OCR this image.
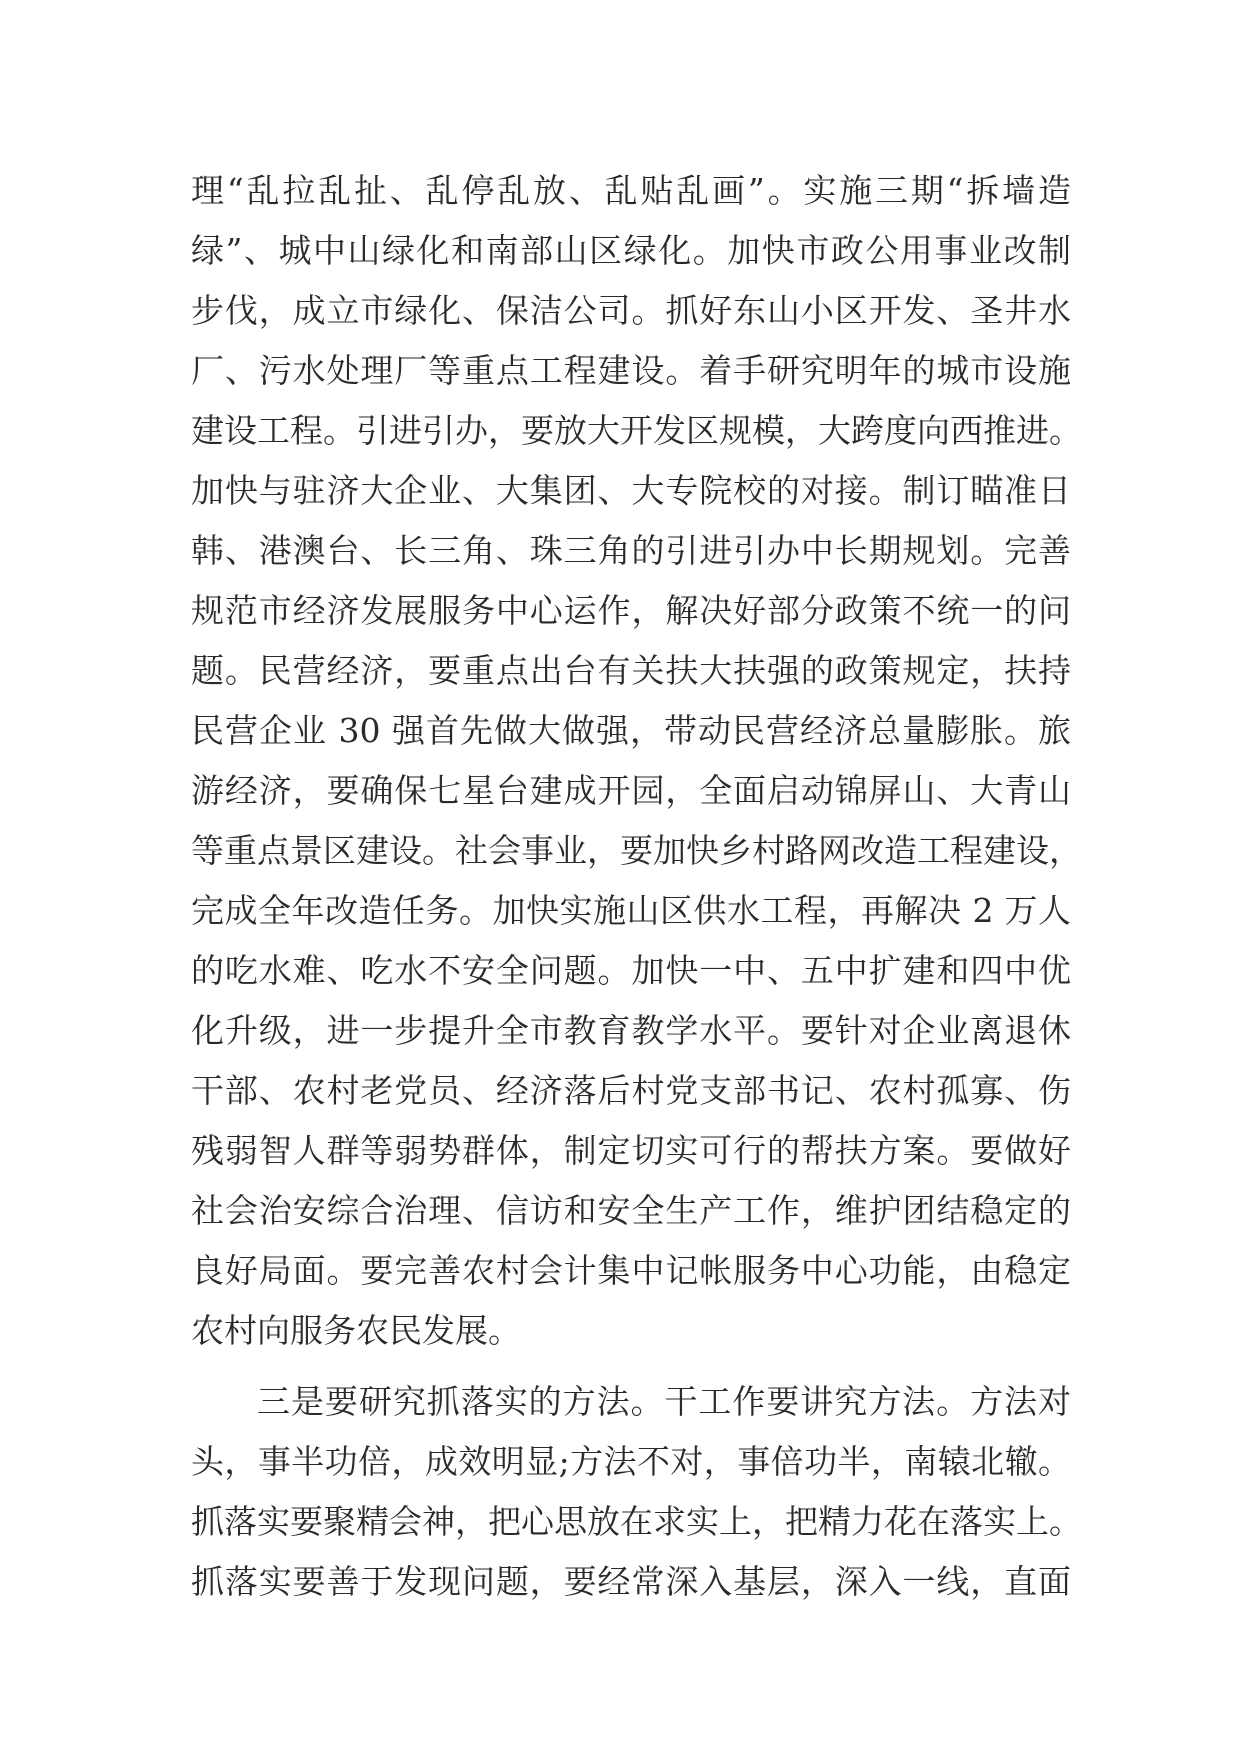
理“乱拉乱扯、乱停乱放、乱贴乱画”。实施三期“拆墙造
绿”、城中山绿化和南部山区绿化。加快市政公用事业改制
步伐，成立市绿化、保洁公司。抓好东山小区开发、圣井水
厂、污水处理厂等重点工程建设。着手研究明年的城市设施
建设工程。引进引办，要放大开发区规模，大跨度向西推进。
加快与驻济大企业、大集团、大专院校的对接。制订瞄准日
韩、港澳台、长三角、珠三角的引进引办中长期规划。完善
规范市经济发展服务中心运作，解决好部分政策不统一的问
题。民营经济，要重点出台有关扶大扶强的政策规定，扶持
民营企业 30 强首先做大做强，带动民营经济总量膨胀。旅
游经济，要确保七星台建成开园，全面启动锦屏山、大青山
等重点景区建设。社会事业，要加快乡村路网改造工程建设，
完成全年改造任务。加快实施山区供水工程，再解决 2 万人
的吃水难、吃水不安全问题。加快一中、五中扩建和四中优
化升级，进一步提升全市教育教学水平。要针对企业离退休
干部、农村老党员、经济落后村党支部书记、农村孤寡、伤
残弱智人群等弱势群体，制定切实可行的帮扶方案。要做好
社会治安综合治理、信访和安全生产工作，维护团结稳定的
良好局面。要完善农村会计集中记帐服务中心功能，由稳定
农村向服务农民发展。
三是要研究抓落实的方法。干工作要讲究方法。方法对
头，事半功倍，成效明显;方法不对，事倍功半，南辕北辙。
抓落实要聚精会神，把心思放在求实上，把精力花在落实上。
抓落实要善于发现问题，要经常深入基层，深入一线，直面
